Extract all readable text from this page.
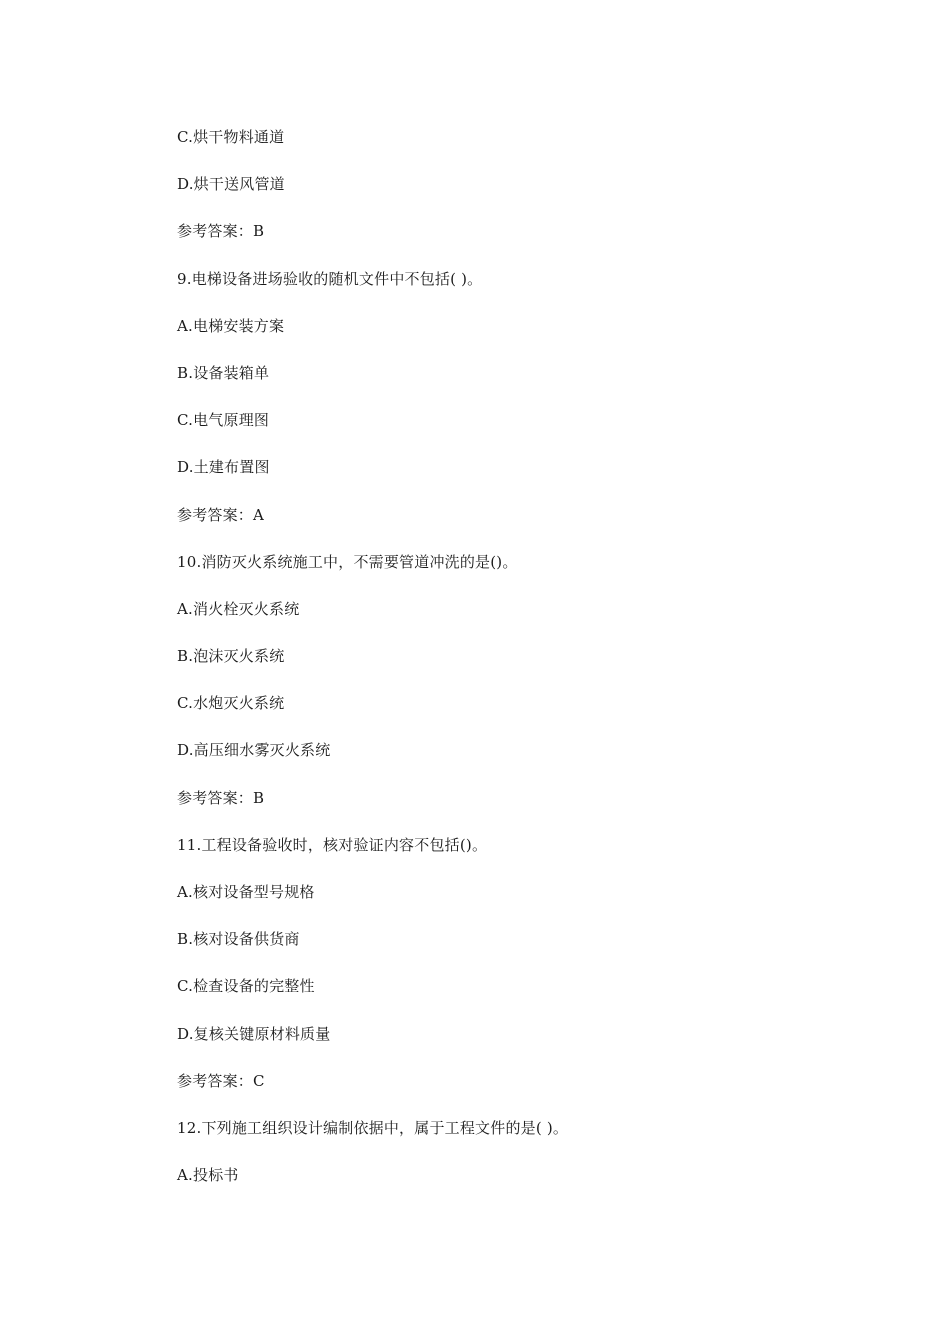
C.烘干物料通道
D.烘干送风管道
参考答案：B
9.电梯设备进场验收的随机文件中不包括( )。
A.电梯安装方案
B.设备装箱单
C.电气原理图
D.土建布置图
参考答案：A
10.消防灭火系统施工中，不需要管道冲洗的是()。
A.消火栓灭火系统
B.泡沫灭火系统
C.水炮灭火系统
D.高压细水雾灭火系统
参考答案：B
11.工程设备验收时，核对验证内容不包括()。
A.核对设备型号规格
B.核对设备供货商
C.检查设备的完整性
D.复核关键原材料质量
参考答案：C
12.下列施工组织设计编制依据中，属于工程文件的是( )。
A.投标书
